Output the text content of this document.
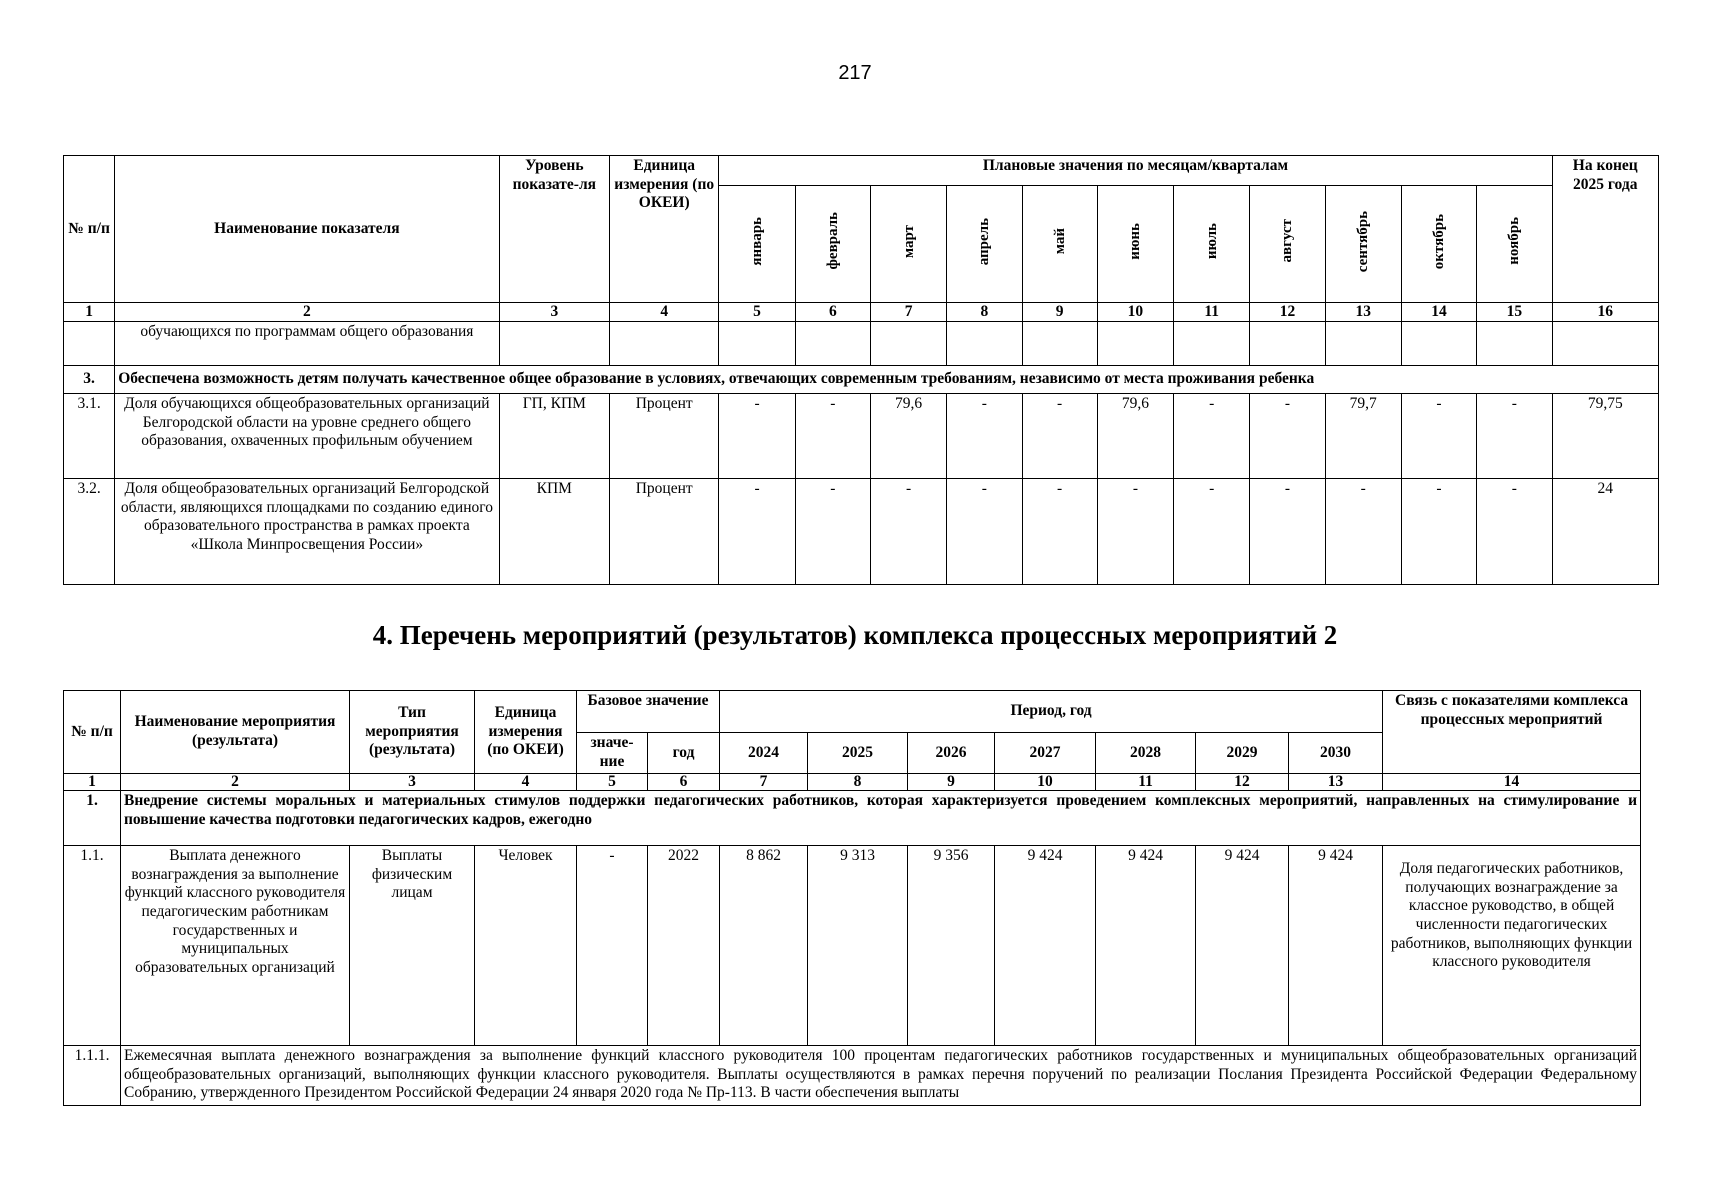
217
№ п/п	Наименование показателя	Уровень показате-ля	Единица измерения (по ОКЕИ)	Плановые значения по месяцам/кварталам											На конец 2025 года
				январь	февраль	март	апрель	май	июнь	июль	август	сентябрь	октябрь	ноябрь	
1	2	3	4	5	6	7	8	9	10	11	12	13	14	15	16
	обучающихся по программам общего образования														
3.	Обеспечена возможность детям получать качественное общее образование в условиях, отвечающих современным требованиям, независимо от места проживания ребенка														
3.1.	Доля обучающихся общеобразовательных организаций Белгородской области на уровне среднего общего образования, охваченных профильным обучением	ГП, КПМ	Процент	-	-	79,6	-	-	79,6	-	-	79,7	-	-	79,75
3.2.	Доля общеобразовательных организаций Белгородской области, являющихся площадками по созданию единого образовательного пространства в рамках проекта «Школа Минпросвещения России»	КПМ	Процент	-	-	-	-	-	-	-	-	-	-	-	24
4. Перечень мероприятий (результатов) комплекса процессных мероприятий 2
№ п/п	Наименование мероприятия (результата)	Тип мероприятия (результата)	Единица измерения (по ОКЕИ)	Базовое значение		Период, год							Связь с показателями комплекса процессных мероприятий
				значе-ние	год	2024	2025	2026	2027	2028	2029	2030	
1	2	3	4	5	6	7	8	9	10	11	12	13	14
1.	Внедрение системы моральных и материальных стимулов поддержки педагогических работников, которая характеризуется проведением комплексных мероприятий, направленных на стимулирование и повышение качества подготовки педагогических кадров, ежегодно												
1.1.	Выплата денежного вознаграждения за выполнение функций классного руководителя педагогическим работникам государственных и муниципальных образовательных организаций	Выплаты физическим лицам	Человек	-	2022	8 862	9 313	9 356	9 424	9 424	9 424	9 424	Доля педагогических работников, получающих вознаграждение за классное руководство, в общей численности педагогических работников, выполняющих функции классного руководителя
1.1.1.	Ежемесячная выплата денежного вознаграждения за выполнение функций классного руководителя 100 процентам педагогических работников государственных и муниципальных общеобразовательных организаций общеобразовательных организаций, выполняющих функции классного руководителя. Выплаты осуществляются в рамках перечня поручений по реализации Послания Президента Российской Федерации Федеральному Собранию, утвержденного Президентом Российской Федерации 24 января 2020 года № Пр-113. В части обеспечения выплаты												
